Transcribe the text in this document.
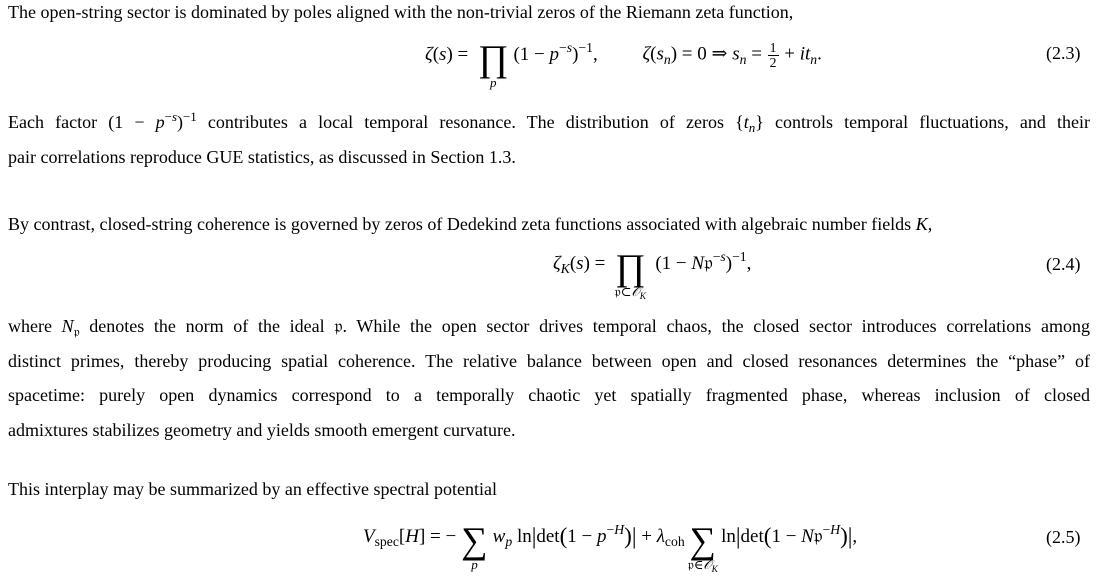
The open-string sector is dominated by poles aligned with the non-trivial zeros of the Riemann zeta function,

ζ(s) = ∏
p
$(1 - p^{-s})^{-1}$, $\zeta(s_n) = 0$ ⇒ $s_n = \frac{1}{2} + it_n$.	(2.3)
Each factor $(1 - p^{-s})^{-1}$ contributes a local temporal resonance. The distribution of zeros $\{t_n\}$ controls temporal fluctuations, and their

pair correlations reproduce GUE statistics, as discussed in Section 1.3.

By contrast, closed-string coherence is governed by zeros of Dedekind zeta functions associated with algebraic number fields K,
$\zeta_K(s)$ = ∏
𝔭⊂𝒪$_K$
(1 − N𝔭$^{-s}$)$^{-1}$,	(2.4)
where $N_𝔭$ denotes the norm of the ideal 𝔭. While the open sector drives temporal chaos, the closed sector introduces correlations among

distinct primes, thereby producing spatial coherence. The relative balance between open and closed resonances determines the “phase” of

spacetime: purely open dynamics correspond to a temporally chaotic yet spatially fragmented phase, whereas inclusion of closed

admixtures stabilizes geometry and yields smooth emergent curvature.

This interplay may be summarized by an effective spectral potential

$V_{spec}[H]$ = − ∑
p
$w_p$ $\ln|\det(1 - p^{-H})| + \lambda_{coh}$ ∑
𝔭∈𝒪$_K$
ln|det(1 − N𝔭$^{-H}$)|,	(2.5)
